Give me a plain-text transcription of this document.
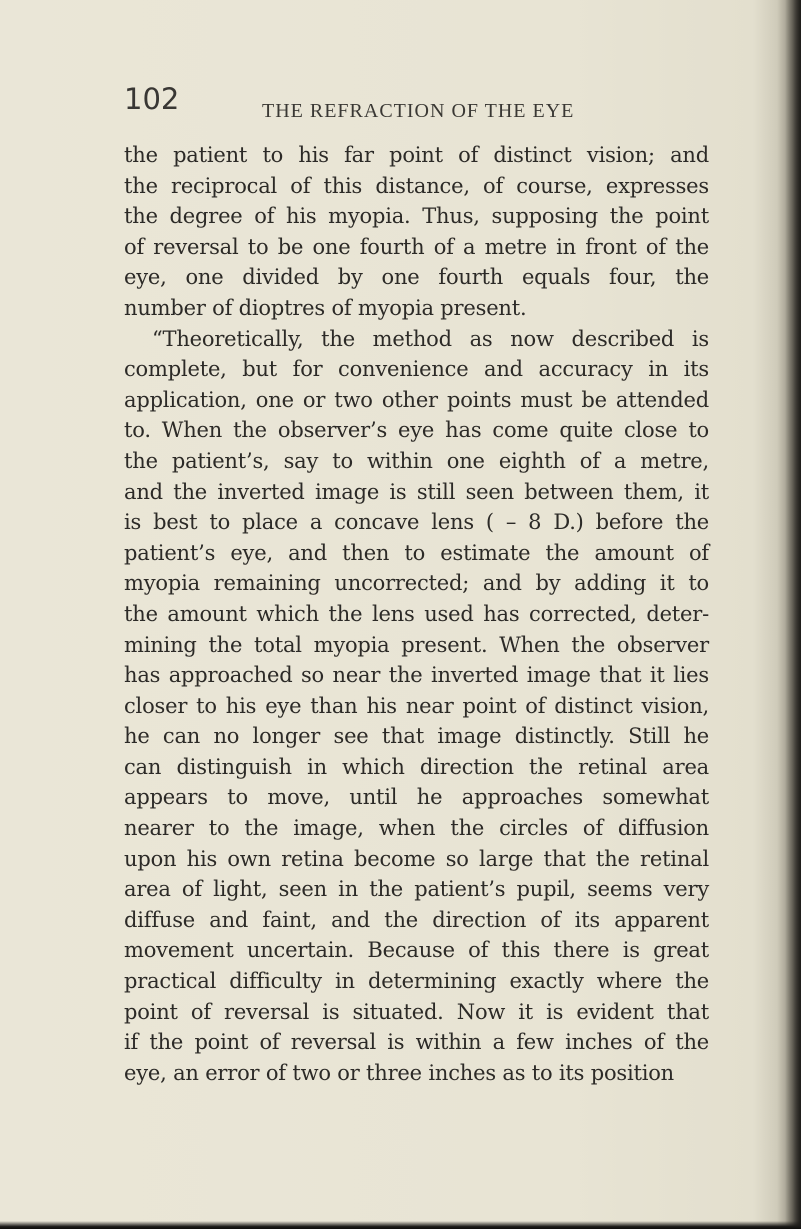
102	THE REFRACTION OF THE EYE
the patient to his far point of distinct vision; and
the reciprocal of this distance, of course, expresses
the degree of his myopia. Thus, supposing the point
of reversal to be one fourth of a metre in front of the
eye, one divided by one fourth equals four, the
number of dioptres of myopia present.
“Theoretically, the method as now described is
complete, but for convenience and accuracy in its
application, one or two other points must be attended
to. When the observer’s eye has come quite close to
the patient’s, say to within one eighth of a metre,
and the inverted image is still seen between them, it
is best to place a concave lens ( – 8 D.) before the
patient’s eye, and then to estimate the amount of
myopia remaining uncorrected; and by adding it to
the amount which the lens used has corrected, deter-
mining the total myopia present. When the observer
has approached so near the inverted image that it lies
closer to his eye than his near point of distinct vision,
he can no longer see that image distinctly. Still he
can distinguish in which direction the retinal area
appears to move, until he approaches somewhat
nearer to the image, when the circles of diffusion
upon his own retina become so large that the retinal
area of light, seen in the patient’s pupil, seems very
diffuse and faint, and the direction of its apparent
movement uncertain. Because of this there is great
practical difficulty in determining exactly where the
point of reversal is situated. Now it is evident that
if the point of reversal is within a few inches of the
eye, an error of two or three inches as to its position
